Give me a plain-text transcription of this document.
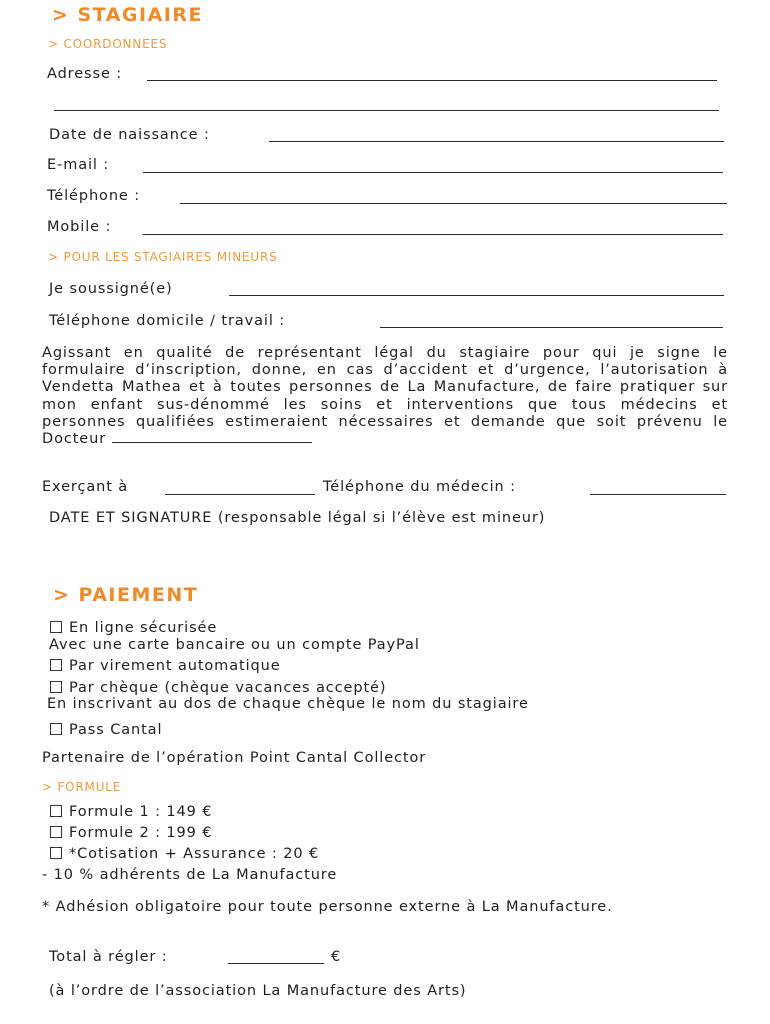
> STAGIAIRE
> COORDONNEES
Adresse :
Date de naissance :
E-mail :
Téléphone :
Mobile :
> POUR LES STAGIAIRES MINEURS
Je soussigné(e)
Téléphone domicile / travail :
Agissant en qualité de représentant légal du stagiaire pour qui je signe le formulaire d’inscription, donne, en cas d’accident et d’urgence, l’autorisation à Vendetta Mathea et à toutes personnes de La Manufacture, de faire pratiquer sur mon enfant sus-dénommé les soins et interventions que tous médecins et personnes qualifiées estimeraient nécessaires et demande que soit prévenu le Docteur
Exerçant à	Téléphone du médecin :
DATE ET SIGNATURE (responsable légal si l’élève est mineur)
> PAIEMENT
En ligne sécurisée
Avec une carte bancaire ou un compte PayPal
Par virement automatique
Par chèque (chèque vacances accepté)
En inscrivant au dos de chaque chèque le nom du stagiaire
Pass Cantal
Partenaire de l’opération Point Cantal Collector
> FORMULE
Formule 1 : 149 €
Formule 2 : 199 €
*Cotisation + Assurance : 20 €
- 10 % adhérents de La Manufacture
* Adhésion obligatoire pour toute personne externe à La Manufacture.
Total à régler :	€
(à l’ordre de l’association La Manufacture des Arts)
